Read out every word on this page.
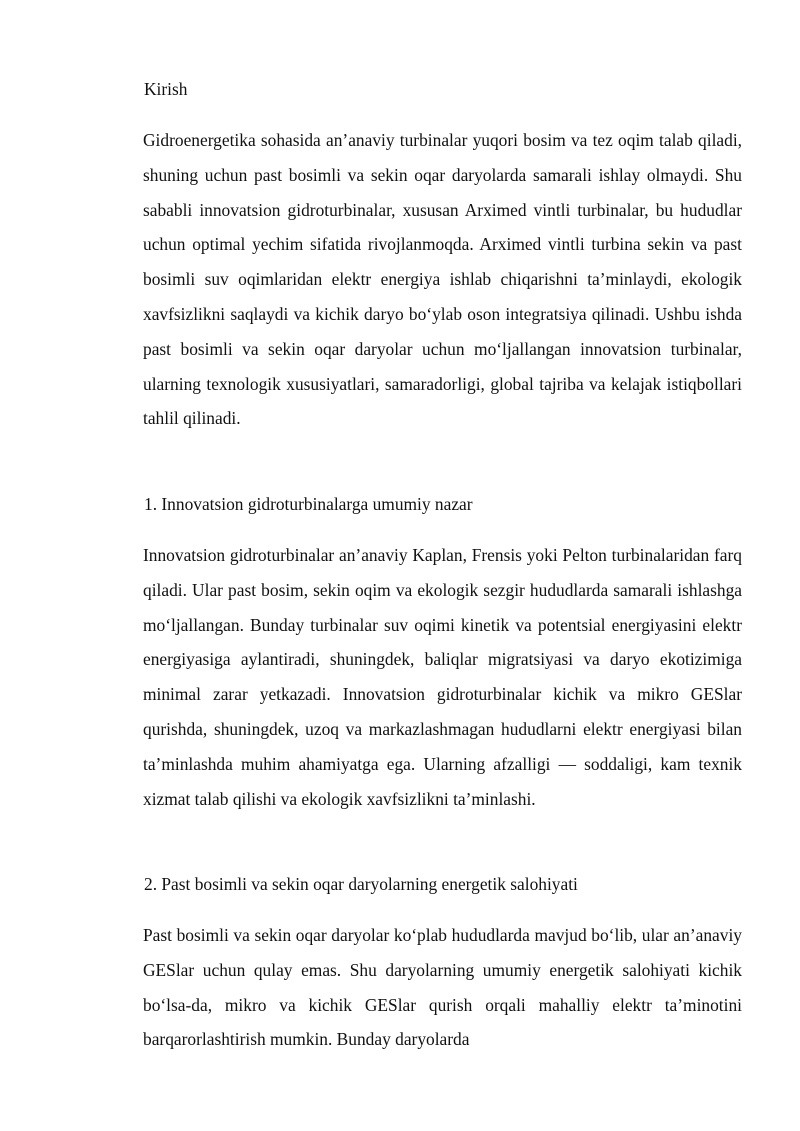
Kirish

Gidroenergetika sohasida an’anaviy turbinalar yuqori bosim va tez oqim talab qiladi, shuning uchun past bosimli va sekin oqar daryolarda samarali ishlay olmaydi. Shu sababli innovatsion gidroturbinalar, xususan Arximed vintli turbinalar, bu hududlar uchun optimal yechim sifatida rivojlanmoqda. Arximed vintli turbina sekin va past bosimli suv oqimlaridan elektr energiya ishlab chiqarishni ta’minlaydi, ekologik xavfsizlikni saqlaydi va kichik daryo bo‘ylab oson integratsiya qilinadi. Ushbu ishda past bosimli va sekin oqar daryolar uchun mo‘ljallangan innovatsion turbinalar, ularning texnologik xususiyatlari, samaradorligi, global tajriba va kelajak istiqbollari tahlil qilinadi.

1. Innovatsion gidroturbinalarga umumiy nazar

Innovatsion gidroturbinalar an’anaviy Kaplan, Frensis yoki Pelton turbinalaridan farq qiladi. Ular past bosim, sekin oqim va ekologik sezgir hududlarda samarali ishlashga mo‘ljallangan. Bunday turbinalar suv oqimi kinetik va potentsial energiyasini elektr energiyasiga aylantiradi, shuningdek, baliqlar migratsiyasi va daryo ekotizimiga minimal zarar yetkazadi. Innovatsion gidroturbinalar kichik va mikro GESlar qurishda, shuningdek, uzoq va markazlashmagan hududlarni elektr energiyasi bilan ta’minlashda muhim ahamiyatga ega. Ularning afzalligi — soddaligi, kam texnik xizmat talab qilishi va ekologik xavfsizlikni ta’minlashi.

2. Past bosimli va sekin oqar daryolarning energetik salohiyati

Past bosimli va sekin oqar daryolar ko‘plab hududlarda mavjud bo‘lib, ular an’anaviy GESlar uchun qulay emas. Shu daryolarning umumiy energetik salohiyati kichik bo‘lsa-da, mikro va kichik GESlar qurish orqali mahalliy elektr ta’minotini barqarorlashtirish mumkin. Bunday daryolarda
